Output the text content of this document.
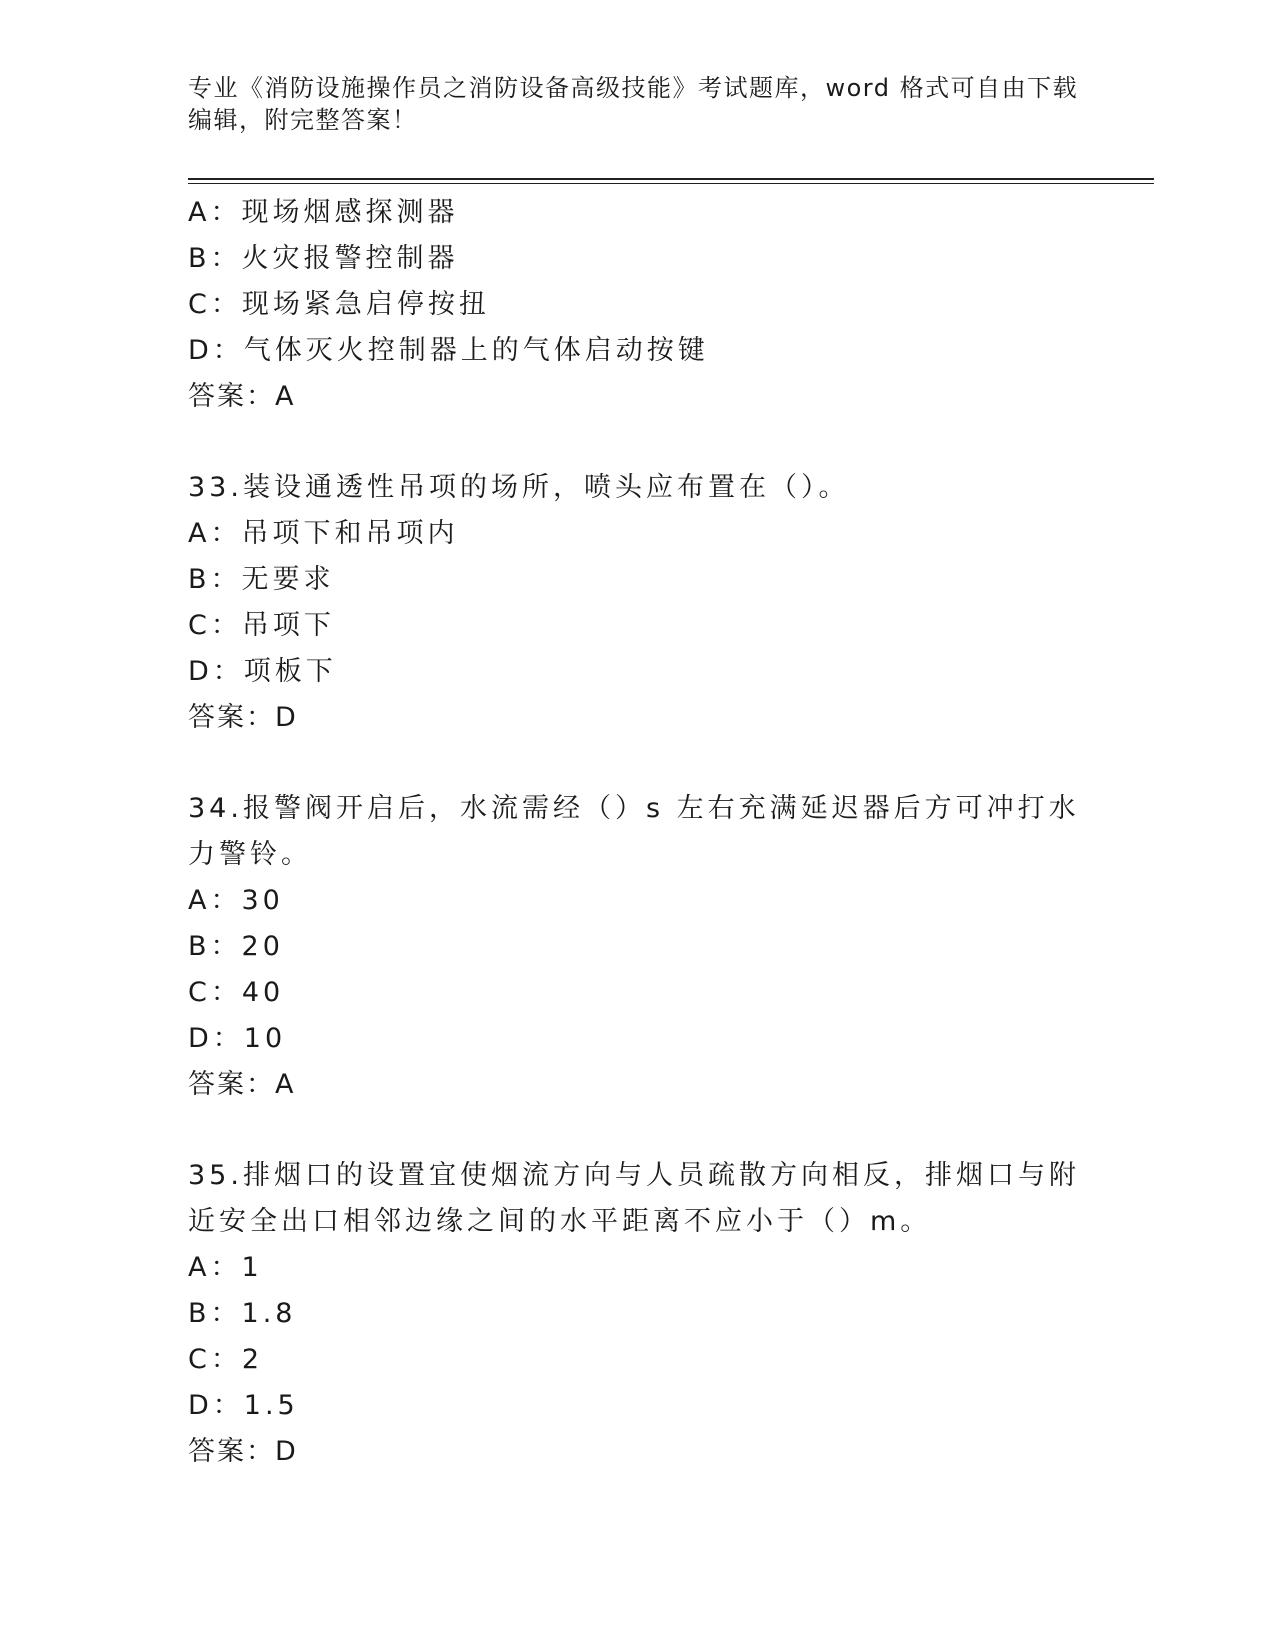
专业《消防设施操作员之消防设备高级技能》考试题库，word 格式可自由下载编辑，附完整答案！
A：现场烟感探测器
B：火灾报警控制器
C：现场紧急启停按扭
D：气体灭火控制器上的气体启动按键
答案：A
33.装设通透性吊项的场所，喷头应布置在（）。
A：吊项下和吊项内
B：无要求
C：吊项下
D：项板下
答案：D
34.报警阀开启后，水流需经（）s 左右充满延迟器后方可冲打水力警铃。
A：30
B：20
C：40
D：10
答案：A
35.排烟口的设置宜使烟流方向与人员疏散方向相反，排烟口与附近安全出口相邻边缘之间的水平距离不应小于（）m。
A：1
B：1.8
C：2
D：1.5
答案：D
